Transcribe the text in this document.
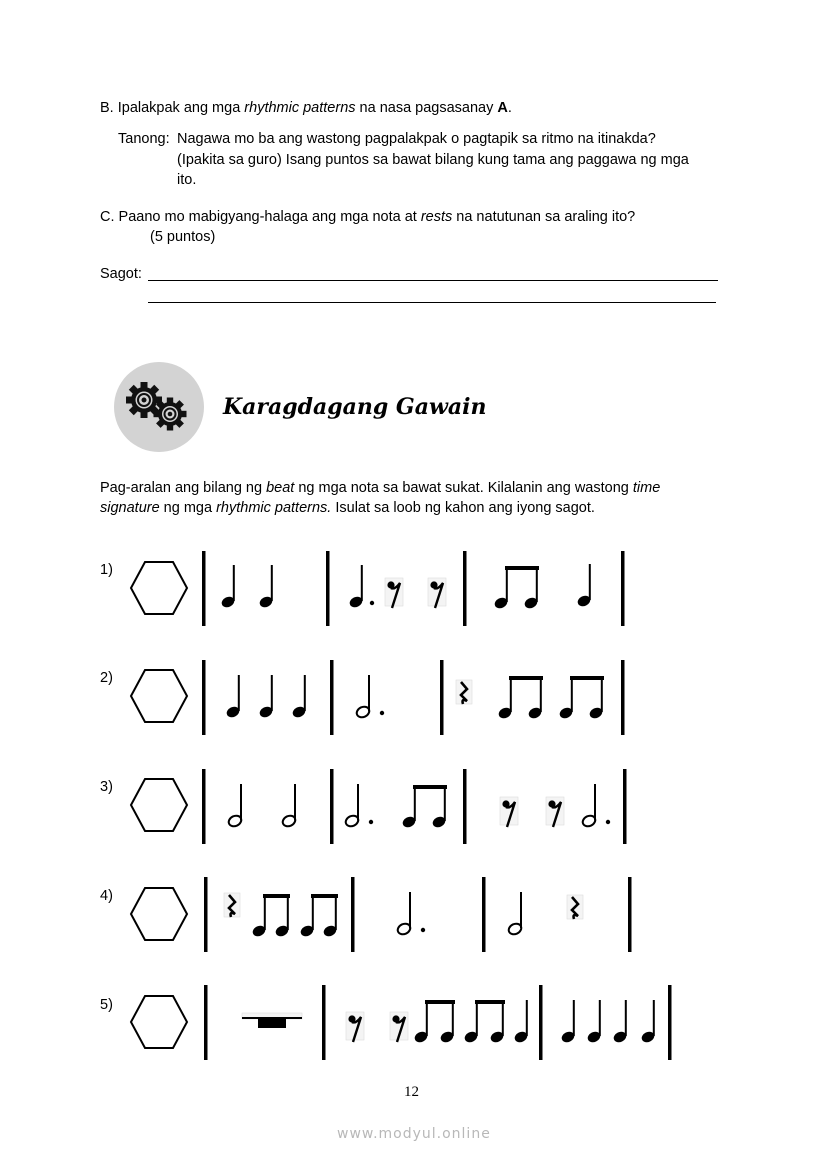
B. Ipalakpak ang mga rhythmic patterns na nasa pagsasanay A.
Tanong: Nagawa mo ba ang wastong pagpalakpak o pagtapik sa ritmo na itinakda?
(Ipakita sa guro) Isang puntos sa bawat bilang kung tama ang paggawa ng mga
ito.
C. Paano mo mabigyang-halaga ang mga nota at rests na natutunan sa araling ito?
(5 puntos)
Sagot:
Karagdagang Gawain
Pag-aralan ang bilang ng beat ng mga nota sa bawat sukat. Kilalanin ang wastong time
signature ng mga rhythmic patterns. Isulat sa loob ng kahon ang iyong sagot.
1)
2)
3)
4)
5)
12
www.modyul.online
